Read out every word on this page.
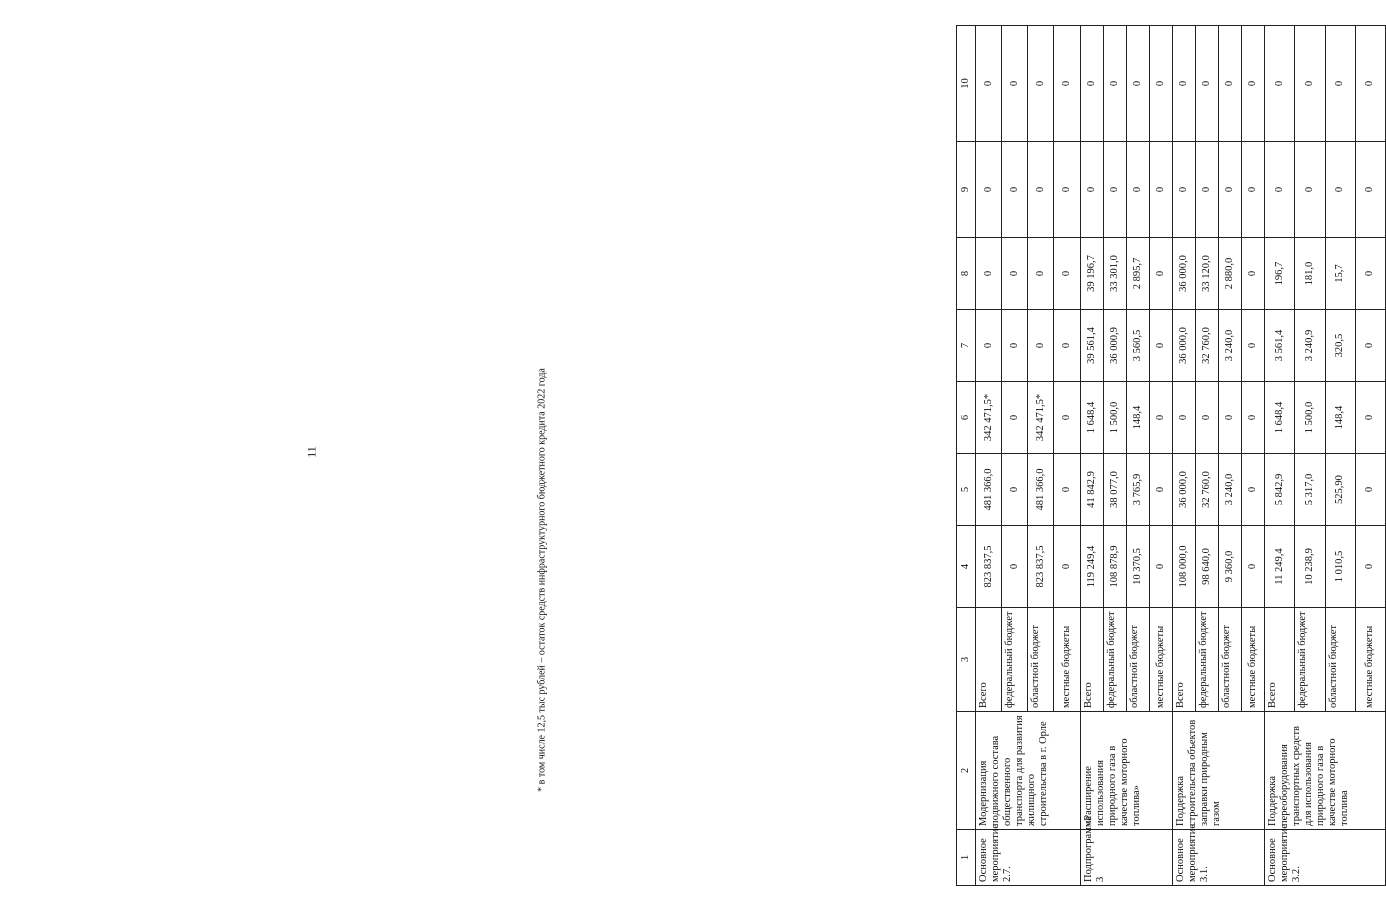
11
1	2	3	4	5	6	7	8	9	10
Основное мероприятие 2.7.	Модернизация подвижного состава общественного транспорта для развития жилищного строительства в г. Орле	Всего	823 837,5	481 366,0	342 471,5*	0	0	0	0
		федеральный бюджет	0	0	0	0	0	0	0
		областной бюджет	823 837,5	481 366,0	342 471,5*	0	0	0	0
		местные бюджеты	0	0	0	0	0	0	0
Подпрограмма 3	«Расширение использования природного газа в качестве моторного топлива»	Всего	119 249,4	41 842,9	1 648,4	39 561,4	39 196,7	0	0
		федеральный бюджет	108 878,9	38 077,0	1 500,0	36 000,9	33 301,0	0	0
		областной бюджет	10 370,5	3 765,9	148,4	3 560,5	2 895,7	0	0
		местные бюджеты	0	0	0	0	0	0	0
Основное мероприятие 3.1.	Поддержка строительства объектов заправки природным газом	Всего	108 000,0	36 000,0	0	36 000,0	36 000,0	0	0
		федеральный бюджет	98 640,0	32 760,0	0	32 760,0	33 120,0	0	0
		областной бюджет	9 360,0	3 240,0	0	3 240,0	2 880,0	0	0
		местные бюджеты	0	0	0	0	0	0	0
Основное мероприятие 3.2.	Поддержка переоборудования транспортных средств для использования природного газа в качестве моторного топлива	Всего	11 249,4	5 842,9	1 648,4	3 561,4	196,7	0	0
		федеральный бюджет	10 238,9	5 317,0	1 500,0	3 240,9	181,0	0	0
		областной бюджет	1 010,5	525,90	148,4	320,5	15,7	0	0
		местные бюджеты	0	0	0	0	0	0	0
* в том числе 12,5 тыс рублей – остаток средств инфраструктурного бюджетного кредита 2022 года
